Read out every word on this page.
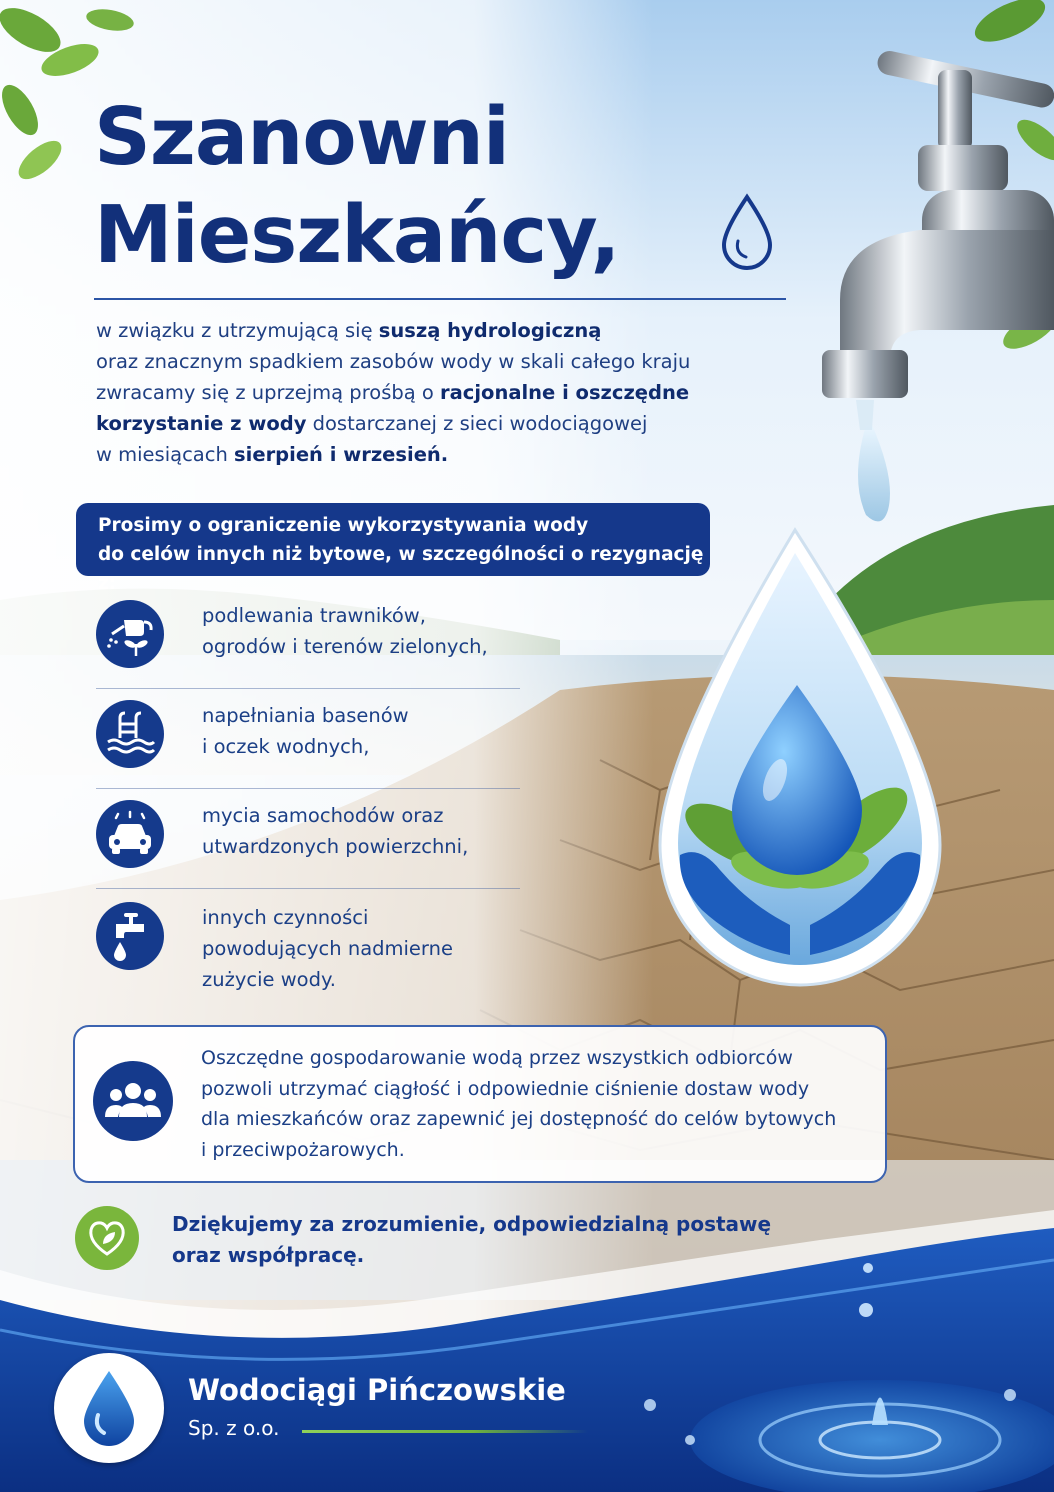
Szanowni
Mieszkańcy,
w związku z utrzymującą się suszą hydrologiczną
oraz znacznym spadkiem zasobów wody w skali całego kraju
zwracamy się z uprzejmą prośbą o racjonalne i oszczędne
korzystanie z wody dostarczanej z sieci wodociągowej
w miesiącach sierpień i wrzesień.
Prosimy o ograniczenie wykorzystywania wody
do celów innych niż bytowe, w szczególności o rezygnację z:
podlewania trawników,
ogrodów i terenów zielonych,
napełniania basenów
i oczek wodnych,
mycia samochodów oraz
utwardzonych powierzchni,
innych czynności
powodujących nadmierne
zużycie wody.
Oszczędne gospodarowanie wodą przez wszystkich odbiorców
pozwoli utrzymać ciągłość i odpowiednie ciśnienie dostaw wody
dla mieszkańców oraz zapewnić jej dostępność do celów bytowych
i przeciwpożarowych.
Dziękujemy za zrozumienie, odpowiedzialną postawę
oraz współpracę.
Wodociągi Pińczowskie
Sp. z o.o.
